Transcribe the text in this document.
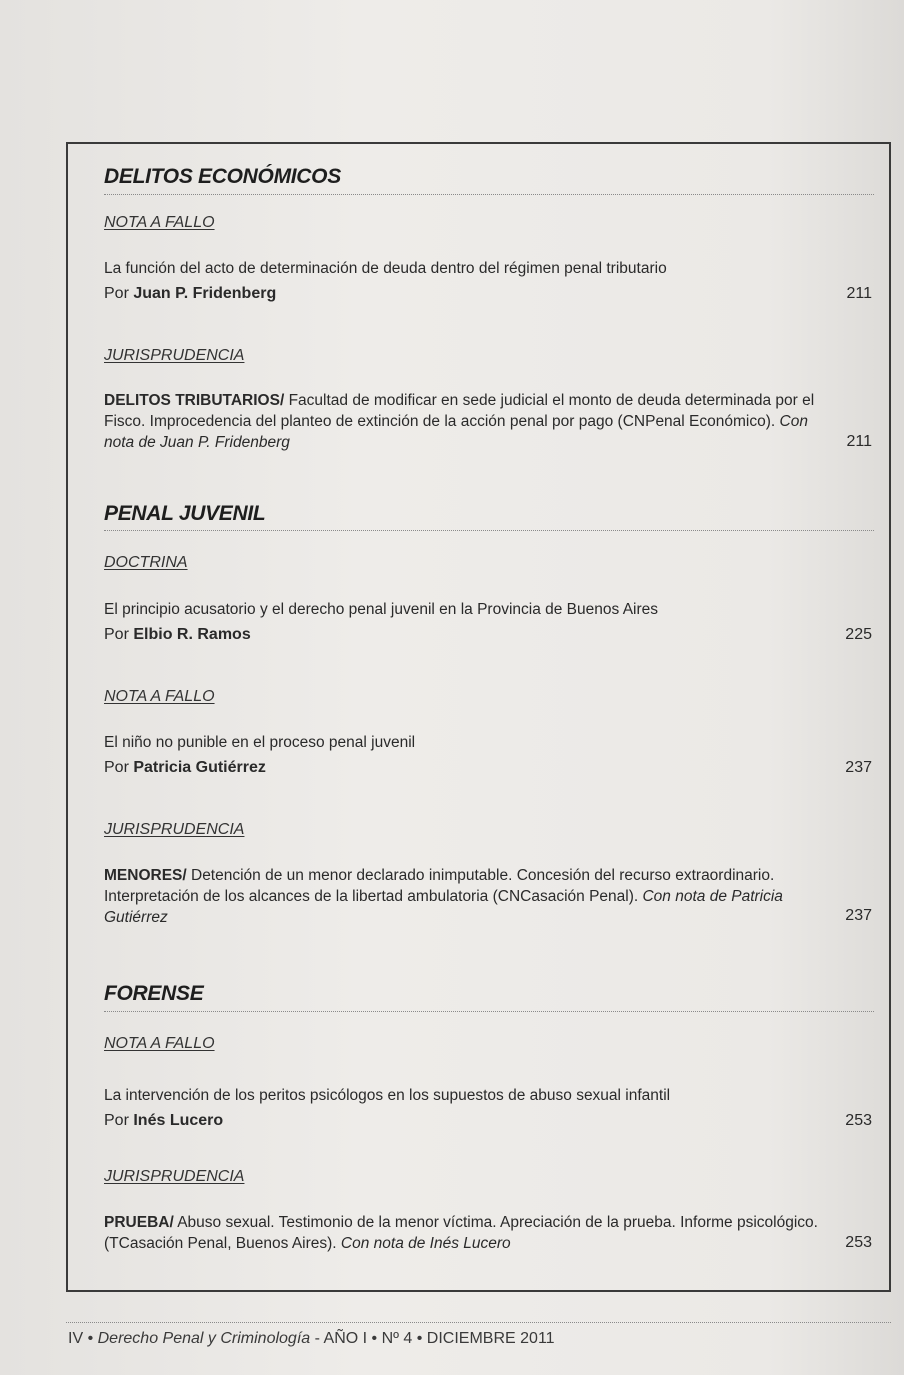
DELITOS ECONÓMICOS
NOTA A FALLO
La función del acto de determinación de deuda dentro del régimen penal tributario
Por Juan P. Fridenberg	211
JURISPRUDENCIA
DELITOS TRIBUTARIOS/ Facultad de modificar en sede judicial el monto de deuda determinada por el Fisco. Improcedencia del planteo de extinción de la acción penal por pago (CNPenal Económico). Con nota de Juan P. Fridenberg	211
PENAL JUVENIL
DOCTRINA
El principio acusatorio y el derecho penal juvenil en la Provincia de Buenos Aires
Por Elbio R. Ramos	225
NOTA A FALLO
El niño no punible en el proceso penal juvenil
Por Patricia Gutiérrez	237
JURISPRUDENCIA
MENORES/ Detención de un menor declarado inimputable. Concesión del recurso extraordinario. Interpretación de los alcances de la libertad ambulatoria (CNCasación Penal). Con nota de Patricia Gutiérrez	237
FORENSE
NOTA A FALLO
La intervención de los peritos psicólogos en los supuestos de abuso sexual infantil
Por Inés Lucero	253
JURISPRUDENCIA
PRUEBA/ Abuso sexual. Testimonio de la menor víctima. Apreciación de la prueba. Informe psicológico. (TCasación Penal, Buenos Aires). Con nota de Inés Lucero	253
IV • Derecho Penal y Criminología - AÑO I • Nº 4 • DICIEMBRE 2011
